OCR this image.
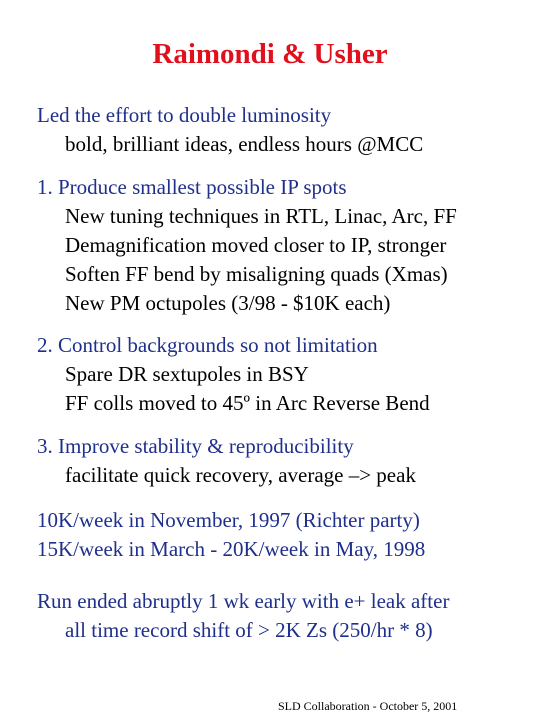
Raimondi & Usher
Led the effort to double luminosity
bold, brilliant ideas, endless hours @MCC
1. Produce smallest possible IP spots
New tuning techniques in RTL, Linac, Arc, FF
Demagnification moved closer to IP, stronger
Soften FF bend by misaligning quads (Xmas)
New PM octupoles (3/98 - $10K each)
2. Control backgrounds so not limitation
Spare DR sextupoles in BSY
FF colls moved to 45º in Arc Reverse Bend
3. Improve stability & reproducibility
facilitate quick recovery, average –> peak
10K/week in November, 1997 (Richter party)
15K/week in March - 20K/week in May, 1998
Run ended abruptly 1 wk early with e+ leak after
all time record shift of > 2K Zs (250/hr * 8)
SLD Collaboration - October 5, 2001
